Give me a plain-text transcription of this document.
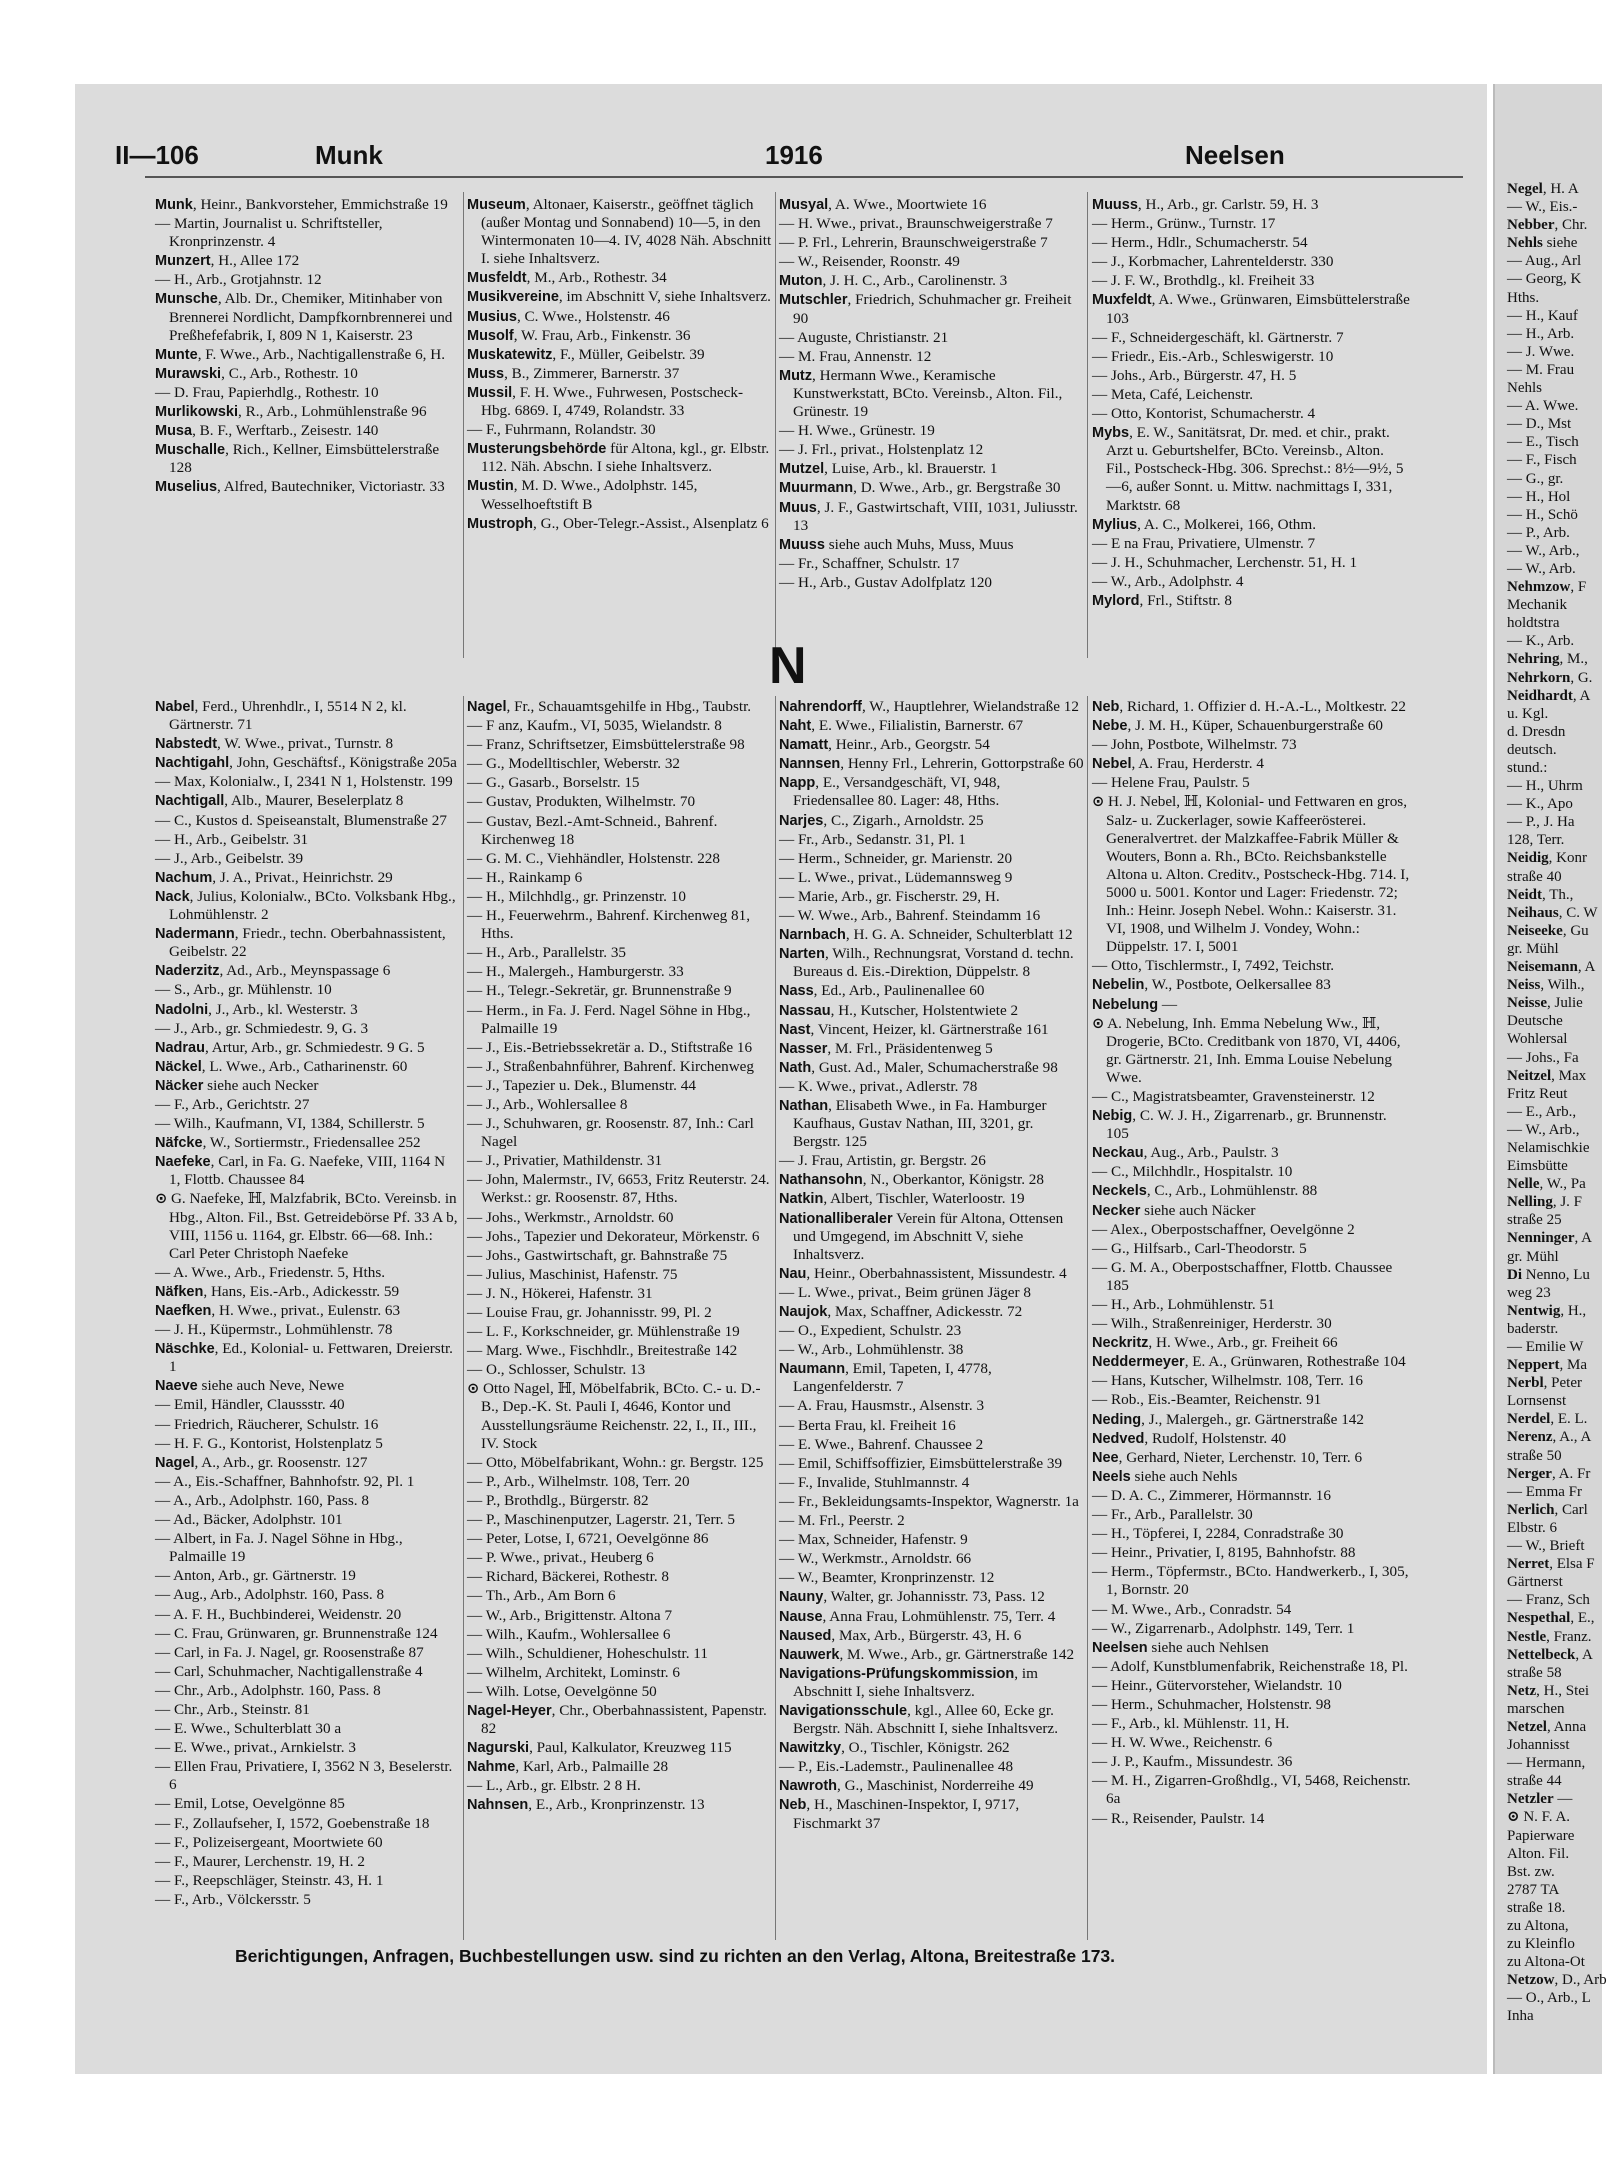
II—106	Munk	1916	Neelsen

Munk, Heinr., Bankvorsteher, Emmichstraße 19

— Martin, Journalist u. Schriftsteller, Kronprinzenstr. 4

Munzert, H., Allee 172

— H., Arb., Grotjahnstr. 12

Munsche, Alb. Dr., Chemiker, Mitinhaber von Brennerei Nordlicht, Dampfkornbrennerei und Preßhefefabrik, I, 809 N 1, Kaiserstr. 23

Munte, F. Wwe., Arb., Nachtigallenstraße 6, H.

Murawski, C., Arb., Rothestr. 10

— D. Frau, Papierhdlg., Rothestr. 10

Murlikowski, R., Arb., Lohmühlenstraße 96

Musa, B. F., Werftarb., Zeisestr. 140

Muschalle, Rich., Kellner, Eimsbüttelerstraße 128

Muselius, Alfred, Bautechniker, Victoriastr. 33

Museum, Altonaer, Kaiserstr., geöffnet täglich (außer Montag und Sonnabend) 10—5, in den Wintermonaten 10—4. IV, 4028 Näh. Abschnitt I. siehe Inhaltsverz.

Musfeldt, M., Arb., Rothestr. 34

Musikvereine, im Abschnitt V, siehe Inhaltsverz.

Musius, C. Wwe., Holstenstr. 46

Musolf, W. Frau, Arb., Finkenstr. 36

Muskatewitz, F., Müller, Geibelstr. 39

Muss, B., Zimmerer, Barnerstr. 37

Mussil, F. H. Wwe., Fuhrwesen, Postscheck-Hbg. 6869. I, 4749, Rolandstr. 33

— F., Fuhrmann, Rolandstr. 30

Musterungsbehörde für Altona, kgl., gr. Elbstr. 112. Näh. Abschn. I siehe Inhaltsverz.

Mustin, M. D. Wwe., Adolphstr. 145, Wesselhoeftstift B

Mustroph, G., Ober-Telegr.-Assist., Alsenplatz 6

Musyal, A. Wwe., Moortwiete 16

— H. Wwe., privat., Braunschweigerstraße 7

— P. Frl., Lehrerin, Braunschweigerstraße 7

— W., Reisender, Roonstr. 49

Muton, J. H. C., Arb., Carolinenstr. 3

Mutschler, Friedrich, Schuhmacher gr. Freiheit 90

— Auguste, Christianstr. 21

— M. Frau, Annenstr. 12

Mutz, Hermann Wwe., Keramische Kunstwerkstatt, BCto. Vereinsb., Alton. Fil., Grünestr. 19

— H. Wwe., Grünestr. 19

— J. Frl., privat., Holstenplatz 12

Mutzel, Luise, Arb., kl. Brauerstr. 1

Muurmann, D. Wwe., Arb., gr. Bergstraße 30

Muus, J. F., Gastwirtschaft, VIII, 1031, Juliusstr. 13

Muuss siehe auch Muhs, Muss, Muus

— Fr., Schaffner, Schulstr. 17

— H., Arb., Gustav Adolfplatz 120

Muuss, H., Arb., gr. Carlstr. 59, H. 3

— Herm., Grünw., Turnstr. 17

— Herm., Hdlr., Schumacherstr. 54

— J., Korbmacher, Lahrentelderstr. 330

— J. F. W., Brothdlg., kl. Freiheit 33

Muxfeldt, A. Wwe., Grünwaren, Eimsbüttelerstraße 103

— F., Schneidergeschäft, kl. Gärtnerstr. 7

— Friedr., Eis.-Arb., Schleswigerstr. 10

— Johs., Arb., Bürgerstr. 47, H. 5

— Meta, Café, Leichenstr.

— Otto, Kontorist, Schumacherstr. 4

Mybs, E. W., Sanitätsrat, Dr. med. et chir., prakt. Arzt u. Geburtshelfer, BCto. Vereinsb., Alton. Fil., Postscheck-Hbg. 306. Sprechst.: 8½—9½, 5—6, außer Sonnt. u. Mittw. nachmittags I, 331, Marktstr. 68

Mylius, A. C., Molkerei, 166, Othm.

— E na Frau, Privatiere, Ulmenstr. 7

— J. H., Schuhmacher, Lerchenstr. 51, H. 1

— W., Arb., Adolphstr. 4

Mylord, Frl., Stiftstr. 8

N

Nabel, Ferd., Uhrenhdlr., I, 5514 N 2, kl. Gärtnerstr. 71

Nabstedt, W. Wwe., privat., Turnstr. 8

Nachtigahl, John, Geschäftsf., Königstraße 205a

— Max, Kolonialw., I, 2341 N 1, Holstenstr. 199

Nachtigall, Alb., Maurer, Beselerplatz 8

— C., Kustos d. Speiseanstalt, Blumenstraße 27

— H., Arb., Geibelstr. 31

— J., Arb., Geibelstr. 39

Nachum, J. A., Privat., Heinrichstr. 29

Nack, Julius, Kolonialw., BCto. Volksbank Hbg., Lohmühlenstr. 2

Nadermann, Friedr., techn. Oberbahnassistent, Geibelstr. 22

Naderzitz, Ad., Arb., Meynspassage 6

— S., Arb., gr. Mühlenstr. 10

Nadolni, J., Arb., kl. Westerstr. 3

— J., Arb., gr. Schmiedestr. 9, G. 3

Nadrau, Artur, Arb., gr. Schmiedestr. 9 G. 5

Näckel, L. Wwe., Arb., Catharinenstr. 60

Näcker siehe auch Necker

— F., Arb., Gerichtstr. 27

— Wilh., Kaufmann, VI, 1384, Schillerstr. 5

Näfcke, W., Sortiermstr., Friedensallee 252

Naefeke, Carl, in Fa. G. Naefeke, VIII, 1164 N 1, Flottb. Chaussee 84

⊙ G. Naefeke, ℍ, Malzfabrik, BCto. Vereinsb. in Hbg., Alton. Fil., Bst. Getreidebörse Pf. 33 A b, VIII, 1156 u. 1164, gr. Elbstr. 66—68. Inh.: Carl Peter Christoph Naefeke

— A. Wwe., Arb., Friedenstr. 5, Hths.

Näfken, Hans, Eis.-Arb., Adickesstr. 59

Naefken, H. Wwe., privat., Eulenstr. 63

— J. H., Küpermstr., Lohmühlenstr. 78

Näschke, Ed., Kolonial- u. Fettwaren, Dreierstr. 1

Naeve siehe auch Neve, Newe

— Emil, Händler, Claussstr. 40

— Friedrich, Räucherer, Schulstr. 16

— H. F. G., Kontorist, Holstenplatz 5

Nagel, A., Arb., gr. Roosenstr. 127

— A., Eis.-Schaffner, Bahnhofstr. 92, Pl. 1

— A., Arb., Adolphstr. 160, Pass. 8

— Ad., Bäcker, Adolphstr. 101

— Albert, in Fa. J. Nagel Söhne in Hbg., Palmaille 19

— Anton, Arb., gr. Gärtnerstr. 19

— Aug., Arb., Adolphstr. 160, Pass. 8

— A. F. H., Buchbinderei, Weidenstr. 20

— C. Frau, Grünwaren, gr. Brunnenstraße 124

— Carl, in Fa. J. Nagel, gr. Roosenstraße 87

— Carl, Schuhmacher, Nachtigallenstraße 4

— Chr., Arb., Adolphstr. 160, Pass. 8

— Chr., Arb., Steinstr. 81

— E. Wwe., Schulterblatt 30 a

— E. Wwe., privat., Arnkielstr. 3

— Ellen Frau, Privatiere, I, 3562 N 3, Beselerstr. 6

— Emil, Lotse, Oevelgönne 85

— F., Zollaufseher, I, 1572, Goebenstraße 18

— F., Polizeisergeant, Moortwiete 60

— F., Maurer, Lerchenstr. 19, H. 2

— F., Reepschläger, Steinstr. 43, H. 1

— F., Arb., Völckersstr. 5

Nagel, Fr., Schauamtsgehilfe in Hbg., Taubstr.

— F anz, Kaufm., VI, 5035, Wielandstr. 8

— Franz, Schriftsetzer, Eimsbüttelerstraße 98

— G., Modelltischler, Weberstr. 32

— G., Gasarb., Borselstr. 15

— Gustav, Produkten, Wilhelmstr. 70

— Gustav, Bezl.-Amt-Schneid., Bahrenf. Kirchenweg 18

— G. M. C., Viehhändler, Holstenstr. 228

— H., Rainkamp 6

— H., Milchhdlg., gr. Prinzenstr. 10

— H., Feuerwehrm., Bahrenf. Kirchenweg 81, Hths.

— H., Arb., Parallelstr. 35

— H., Malergeh., Hamburgerstr. 33

— H., Telegr.-Sekretär, gr. Brunnenstraße 9

— Herm., in Fa. J. Ferd. Nagel Söhne in Hbg., Palmaille 19

— J., Eis.-Betriebssekretär a. D., Stiftstraße 16

— J., Straßenbahnführer, Bahrenf. Kirchenweg

— J., Tapezier u. Dek., Blumenstr. 44

— J., Arb., Wohlersallee 8

— J., Schuhwaren, gr. Roosenstr. 87, Inh.: Carl Nagel

— J., Privatier, Mathildenstr. 31

— John, Malermstr., IV, 6653, Fritz Reuterstr. 24. Werkst.: gr. Roosenstr. 87, Hths.

— Johs., Werkmstr., Arnoldstr. 60

— Johs., Tapezier und Dekorateur, Mörkenstr. 6

— Johs., Gastwirtschaft, gr. Bahnstraße 75

— Julius, Maschinist, Hafenstr. 75

— J. N., Hökerei, Hafenstr. 31

— Louise Frau, gr. Johannisstr. 99, Pl. 2

— L. F., Korkschneider, gr. Mühlenstraße 19

— Marg. Wwe., Fischhdlr., Breitestraße 142

— O., Schlosser, Schulstr. 13

⊙ Otto Nagel, ℍ, Möbelfabrik, BCto. C.- u. D.-B., Dep.-K. St. Pauli I, 4646, Kontor und Ausstellungsräume Reichenstr. 22, I., II., III., IV. Stock

— Otto, Möbelfabrikant, Wohn.: gr. Bergstr. 125

— P., Arb., Wilhelmstr. 108, Terr. 20

— P., Brothdlg., Bürgerstr. 82

— P., Maschinenputzer, Lagerstr. 21, Terr. 5

— Peter, Lotse, I, 6721, Oevelgönne 86

— P. Wwe., privat., Heuberg 6

— Richard, Bäckerei, Rothestr. 8

— Th., Arb., Am Born 6

— W., Arb., Brigittenstr. Altona 7

— Wilh., Kaufm., Wohlersallee 6

— Wilh., Schuldiener, Hoheschulstr. 11

— Wilhelm, Architekt, Lominstr. 6

— Wilh. Lotse, Oevelgönne 50

Nagel-Heyer, Chr., Oberbahnassistent, Papenstr. 82

Nagurski, Paul, Kalkulator, Kreuzweg 115

Nahme, Karl, Arb., Palmaille 28

— L., Arb., gr. Elbstr. 2 8 H.

Nahnsen, E., Arb., Kronprinzenstr. 13

Nahrendorff, W., Hauptlehrer, Wielandstraße 12

Naht, E. Wwe., Filialistin, Barnerstr. 67

Namatt, Heinr., Arb., Georgstr. 54

Nannsen, Henny Frl., Lehrerin, Gottorpstraße 60

Napp, E., Versandgeschäft, VI, 948, Friedensallee 80. Lager: 48, Hths.

Narjes, C., Zigarh., Arnoldstr. 25

— Fr., Arb., Sedanstr. 31, Pl. 1

— Herm., Schneider, gr. Marienstr. 20

— L. Wwe., privat., Lüdemannsweg 9

— Marie, Arb., gr. Fischerstr. 29, H.

— W. Wwe., Arb., Bahrenf. Steindamm 16

Narnbach, H. G. A. Schneider, Schulterblatt 12

Narten, Wilh., Rechnungsrat, Vorstand d. techn. Bureaus d. Eis.-Direktion, Düppelstr. 8

Nass, Ed., Arb., Paulinenallee 60

Nassau, H., Kutscher, Holstentwiete 2

Nast, Vincent, Heizer, kl. Gärtnerstraße 161

Nasser, M. Frl., Präsidentenweg 5

Nath, Gust. Ad., Maler, Schumacherstraße 98

— K. Wwe., privat., Adlerstr. 78

Nathan, Elisabeth Wwe., in Fa. Hamburger Kaufhaus, Gustav Nathan, III, 3201, gr. Bergstr. 125

— J. Frau, Artistin, gr. Bergstr. 26

Nathansohn, N., Oberkantor, Königstr. 28

Natkin, Albert, Tischler, Waterloostr. 19

Nationalliberaler Verein für Altona, Ottensen und Umgegend, im Abschnitt V, siehe Inhaltsverz.

Nau, Heinr., Oberbahnassistent, Missundestr. 4

— L. Wwe., privat., Beim grünen Jäger 8

Naujok, Max, Schaffner, Adickesstr. 72

— O., Expedient, Schulstr. 23

— W., Arb., Lohmühlenstr. 38

Naumann, Emil, Tapeten, I, 4778, Langenfelderstr. 7

— A. Frau, Hausmstr., Alsenstr. 3

— Berta Frau, kl. Freiheit 16

— E. Wwe., Bahrenf. Chaussee 2

— Emil, Schiffsoffizier, Eimsbüttelerstraße 39

— F., Invalide, Stuhlmannstr. 4

— Fr., Bekleidungsamts-Inspektor, Wagnerstr. 1a

— M. Frl., Peerstr. 2

— Max, Schneider, Hafenstr. 9

— W., Werkmstr., Arnoldstr. 66

— W., Beamter, Kronprinzenstr. 12

Nauny, Walter, gr. Johannisstr. 73, Pass. 12

Nause, Anna Frau, Lohmühlenstr. 75, Terr. 4

Naused, Max, Arb., Bürgerstr. 43, H. 6

Nauwerk, M. Wwe., Arb., gr. Gärtnerstraße 142

Navigations-Prüfungskommission, im Abschnitt I, siehe Inhaltsverz.

Navigationsschule, kgl., Allee 60, Ecke gr. Bergstr. Näh. Abschnitt I, siehe Inhaltsverz.

Nawitzky, O., Tischler, Königstr. 262

— P., Eis.-Lademstr., Paulinenallee 48

Nawroth, G., Maschinist, Norderreihe 49

Neb, H., Maschinen-Inspektor, I, 9717, Fischmarkt 37

Neb, Richard, 1. Offizier d. H.-A.-L., Moltkestr. 22

Nebe, J. M. H., Küper, Schauenburgerstraße 60

— John, Postbote, Wilhelmstr. 73

Nebel, A. Frau, Herderstr. 4

— Helene Frau, Paulstr. 5

⊙ H. J. Nebel, ℍ, Kolonial- und Fettwaren en gros, Salz- u. Zuckerlager, sowie Kaffeerösterei. Generalvertret. der Malzkaffee-Fabrik Müller & Wouters, Bonn a. Rh., BCto. Reichsbankstelle Altona u. Alton. Creditv., Postscheck-Hbg. 714. I, 5000 u. 5001. Kontor und Lager: Friedenstr. 72; Inh.: Heinr. Joseph Nebel. Wohn.: Kaiserstr. 31. VI, 1908, und Wilhelm J. Vondey, Wohn.: Düppelstr. 17. I, 5001

— Otto, Tischlermstr., I, 7492, Teichstr.

Nebelin, W., Postbote, Oelkersallee 83

Nebelung —

⊙ A. Nebelung, Inh. Emma Nebelung Ww., ℍ, Drogerie, BCto. Creditbank von 1870, VI, 4406, gr. Gärtnerstr. 21, Inh. Emma Louise Nebelung Wwe.

— C., Magistratsbeamter, Gravensteinerstr. 12

Nebig, C. W. J. H., Zigarrenarb., gr. Brunnenstr. 105

Neckau, Aug., Arb., Paulstr. 3

— C., Milchhdlr., Hospitalstr. 10

Neckels, C., Arb., Lohmühlenstr. 88

Necker siehe auch Näcker

— Alex., Oberpostschaffner, Oevelgönne 2

— G., Hilfsarb., Carl-Theodorstr. 5

— G. M. A., Oberpostschaffner, Flottb. Chaussee 185

— H., Arb., Lohmühlenstr. 51

— Wilh., Straßenreiniger, Herderstr. 30

Neckritz, H. Wwe., Arb., gr. Freiheit 66

Neddermeyer, E. A., Grünwaren, Rothestraße 104

— Hans, Kutscher, Wilhelmstr. 108, Terr. 16

— Rob., Eis.-Beamter, Reichenstr. 91

Neding, J., Malergeh., gr. Gärtnerstraße 142

Nedved, Rudolf, Holstenstr. 40

Nee, Gerhard, Nieter, Lerchenstr. 10, Terr. 6

Neels siehe auch Nehls

— D. A. C., Zimmerer, Hörmannstr. 16

— Fr., Arb., Parallelstr. 30

— H., Töpferei, I, 2284, Conradstraße 30

— Heinr., Privatier, I, 8195, Bahnhofstr. 88

— Herm., Töpfermstr., BCto. Handwerkerb., I, 305, 1, Bornstr. 20

— M. Wwe., Arb., Conradstr. 54

— W., Zigarrenarb., Adolphstr. 149, Terr. 1

Neelsen siehe auch Nehlsen

— Adolf, Kunstblumenfabrik, Reichenstraße 18, Pl.

— Heinr., Gütervorsteher, Wielandstr. 10

— Herm., Schuhmacher, Holstenstr. 98

— F., Arb., kl. Mühlenstr. 11, H.

— H. W. Wwe., Reichenstr. 6

— J. P., Kaufm., Missundestr. 36

— M. H., Zigarren-Großhdlg., VI, 5468, Reichenstr. 6a

— R., Reisender, Paulstr. 14

Berichtigungen, Anfragen, Buchbestellungen usw. sind zu richten an den Verlag, Altona, Breitestraße 173.

Negel, H. A

— W., Eis.-

Nebber, Chr.

Nehls siehe

— Aug., Arl

— Georg, K

Hths.

— H., Kauf

— H., Arb.

— J. Wwe.

— M. Frau

Nehls

— A. Wwe.

— D., Mst

— E., Tisch

— F., Fisch

— G., gr.

— H., Hol

— H., Schö

— P., Arb.

— W., Arb.,

— W., Arb.

Nehmzow, F

Mechanik

holdtstra

— K., Arb.

Nehring, M.,

Nehrkorn, G.

Neidhardt, A

u. Kgl.

d. Dresdn

deutsch.

stund.:

— H., Uhrm

— K., Apo

— P., J. Ha

128, Terr.

Neidig, Konr

straße 40

Neidt, Th.,

Neihaus, C. W

Neiseeke, Gu

gr. Mühl

Neisemann, A

Neiss, Wilh.,

Neisse, Julie

Deutsche

Wohlersal

— Johs., Fa

Neitzel, Max

Fritz Reut

— E., Arb.,

— W., Arb.,

Nelamischkie

Eimsbütte

Nelle, W., Pa

Nelling, J. F

straße 25

Nenninger, A

gr. Mühl

Di Nenno, Lu

weg 23

Nentwig, H.,

baderstr.

— Emilie W

Neppert, Ma

Nerbl, Peter

Lornsenst

Nerdel, E. L.

Nerenz, A., A

straße 50

Nerger, A. Fr

— Emma Fr

Nerlich, Carl

Elbstr. 6

— W., Brieft

Nerret, Elsa F

Gärtnerst

— Franz, Sch

Nespethal, E.,

Nestle, Franz.

Nettelbeck, A

straße 58

Netz, H., Stei

marschen

Netzel, Anna

Johannisst

— Hermann,

straße 44

Netzler —

⊙ N. F. A.

Papierware

Alton. Fil.

Bst. zw.

2787 TA

straße 18.

zu Altona,

zu Kleinflo

zu Altona-Ot

Netzow, D., Arb

— O., Arb., L

Inha
